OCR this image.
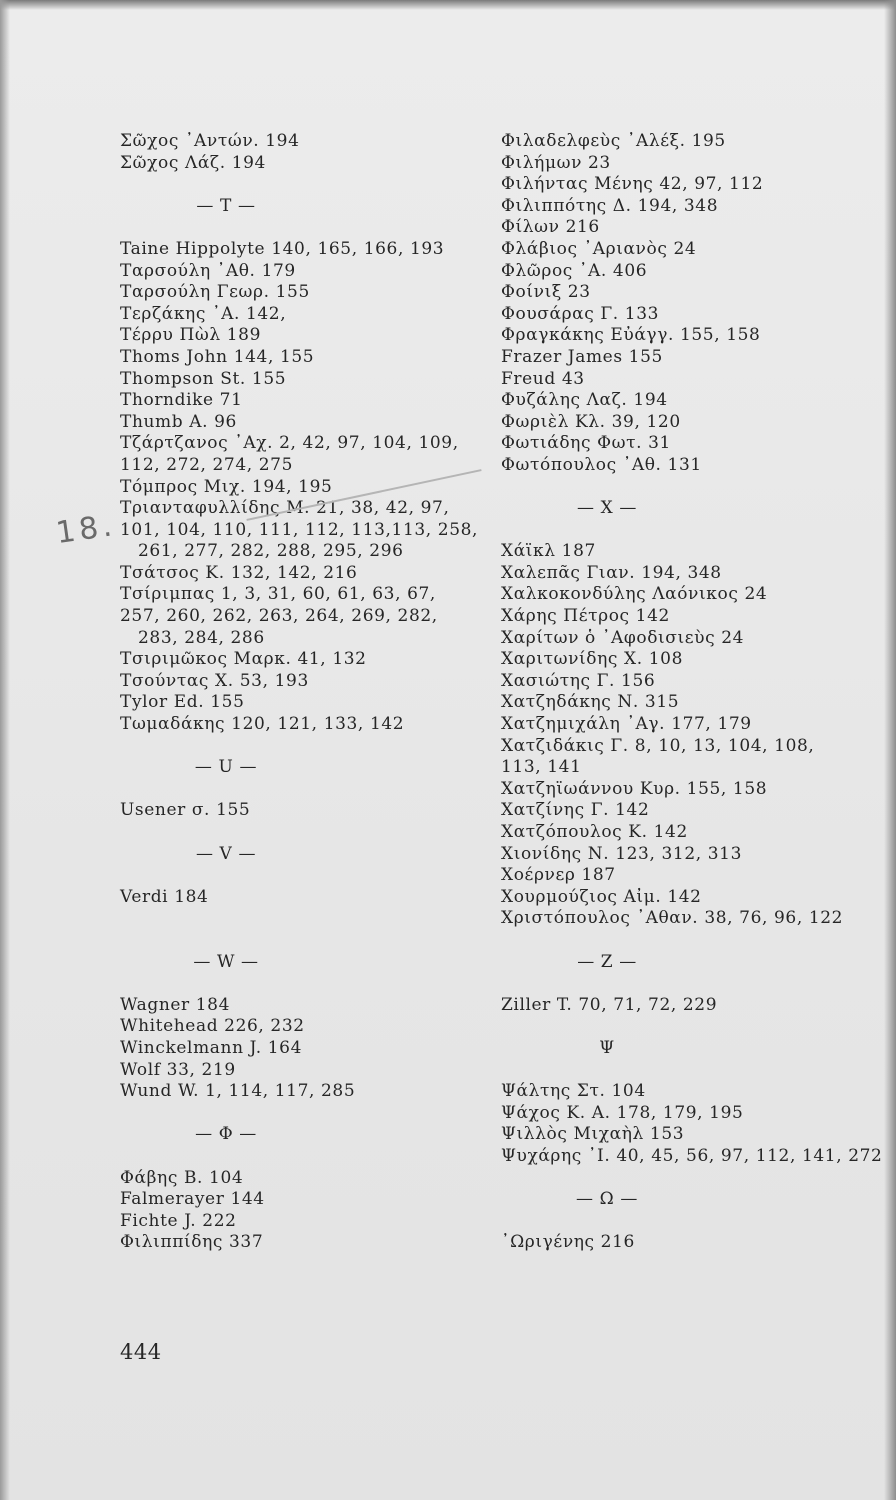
Σῶχος ᾿Αντών. 194
Σῶχος Λάζ. 194
— Τ —
Taine Hippolyte 140, 165, 166, 193
Ταρσούλη ᾿Αθ. 179
Ταρσούλη Γεωρ. 155
Τερζάκης ᾿Α. 142,
Τέρρυ Πὼλ 189
Thoms John 144, 155
Thompson St. 155
Thorndike 71
Thumb A. 96
Τζάρτζανος ᾿Αχ. 2, 42, 97, 104, 109,
112, 272, 274, 275
Τόμπρος Μιχ. 194, 195
Τριανταφυλλίδης Μ. 21, 38, 42, 97,
101, 104, 110, 111, 112, 113,113, 258,
261, 277, 282, 288, 295, 296
Τσάτσος Κ. 132, 142, 216
Τσίριμπας 1, 3, 31, 60, 61, 63, 67,
257, 260, 262, 263, 264, 269, 282,
283, 284, 286
Τσιριμῶκος Μαρκ. 41, 132
Τσούντας Χ. 53, 193
Tylor Ed. 155
Τωμαδάκης 120, 121, 133, 142
— U —
Usener σ. 155
— V —
Verdi 184
— W —
Wagner 184
Whitehead 226, 232
Winckelmann J. 164
Wolf 33, 219
Wund W. 1, 114, 117, 285
— Φ —
Φάβης Β. 104
Falmerayer 144
Fichte J. 222
Φιλιππίδης 337
Φιλαδελφεὺς ᾿Αλέξ. 195
Φιλήμων 23
Φιλήντας Μένης 42, 97, 112
Φιλιππότης Δ. 194, 348
Φίλων 216
Φλάβιος ᾿Αριανὸς 24
Φλῶρος ᾿Α. 406
Φοίνιξ 23
Φουσάρας Γ. 133
Φραγκάκης Εὐάγγ. 155, 158
Frazer James 155
Freud 43
Φυζάλης Λαζ. 194
Φωριὲλ Κλ. 39, 120
Φωτιάδης Φωτ. 31
Φωτόπουλος ᾿Αθ. 131
— Χ —
Χάϊκλ 187
Χαλεπᾶς Γιαν. 194, 348
Χαλκοκονδύλης Λαόνικος 24
Χάρης Πέτρος 142
Χαρίτων ὁ ᾿Αφοδισιεὺς 24
Χαριτωνίδης Χ. 108
Χασιώτης Γ. 156
Χατζηδάκης Ν. 315
Χατζημιχάλη ᾿Αγ. 177, 179
Χατζιδάκις Γ. 8, 10, 13, 104, 108,
113, 141
Χατζηϊωάννου Κυρ. 155, 158
Χατζίνης Γ. 142
Χατζόπουλος Κ. 142
Χιονίδης Ν. 123, 312, 313
Χοέρνερ 187
Χουρμούζιος Αἰμ. 142
Χριστόπουλος ᾿Αθαν. 38, 76, 96, 122
— Ζ —
Ziller T. 70, 71, 72, 229
Ψ
Ψάλτης Στ. 104
Ψάχος Κ. Α. 178, 179, 195
Ψιλλὸς Μιχαὴλ 153
Ψυχάρης ᾿Ι. 40, 45, 56, 97, 112, 141, 272
— Ω —
᾿Ωριγένης 216
18.
444
